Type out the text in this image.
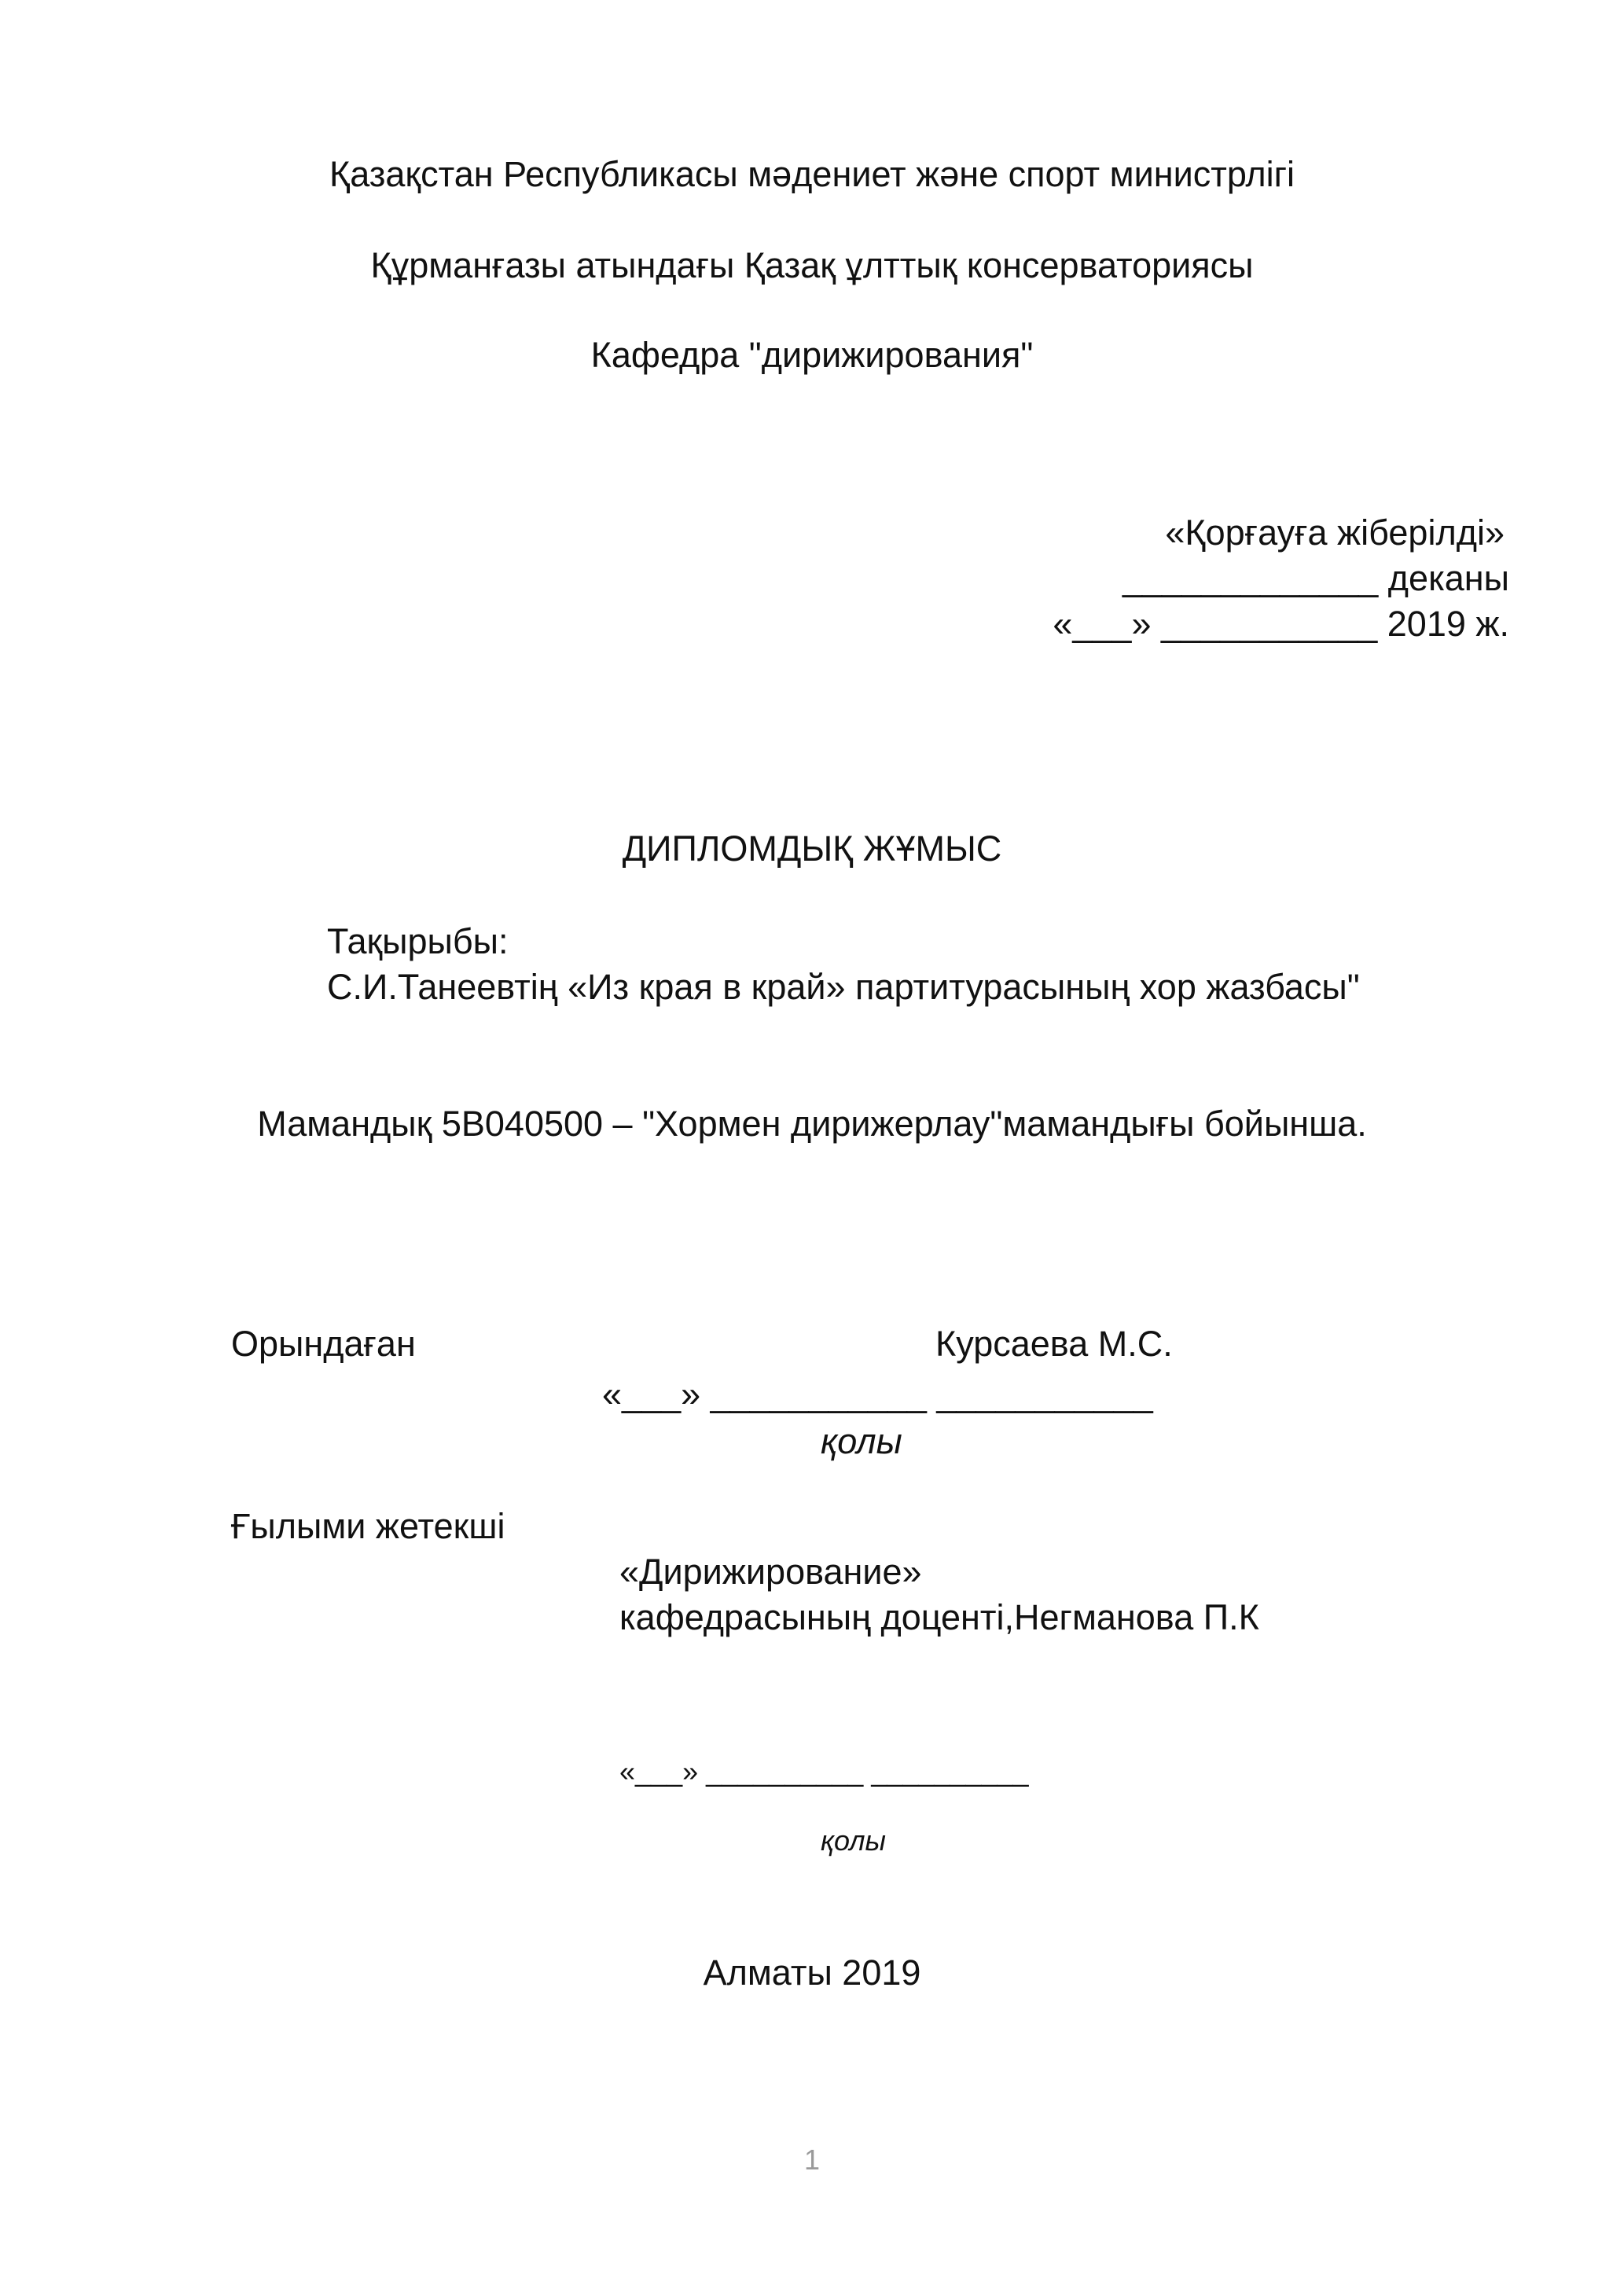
Қазақстан Республикасы мәдениет және спорт министрлігі
Құрманғазы атындағы Қазақ ұлттық консерваториясы
Кафедра "дирижирования"
«Қорғауға жіберілді»
_____________ деканы
«___» ___________ 2019 ж.
ДИПЛОМДЫҚ ЖҰМЫС
Тақырыбы:
С.И.Танеевтің «Из края в край» партитурасының хор жазбасы"
Мамандық 5В040500 – "Хормен дирижерлау"мамандығы бойынша.
Орындаған	Курсаева М.С.
«___» ___________ ___________
қолы
Ғылыми жетекші
«Дирижирование»
кафедрасының доценті,Негманова П.К
«___» __________ __________
қолы
Алматы 2019
1
